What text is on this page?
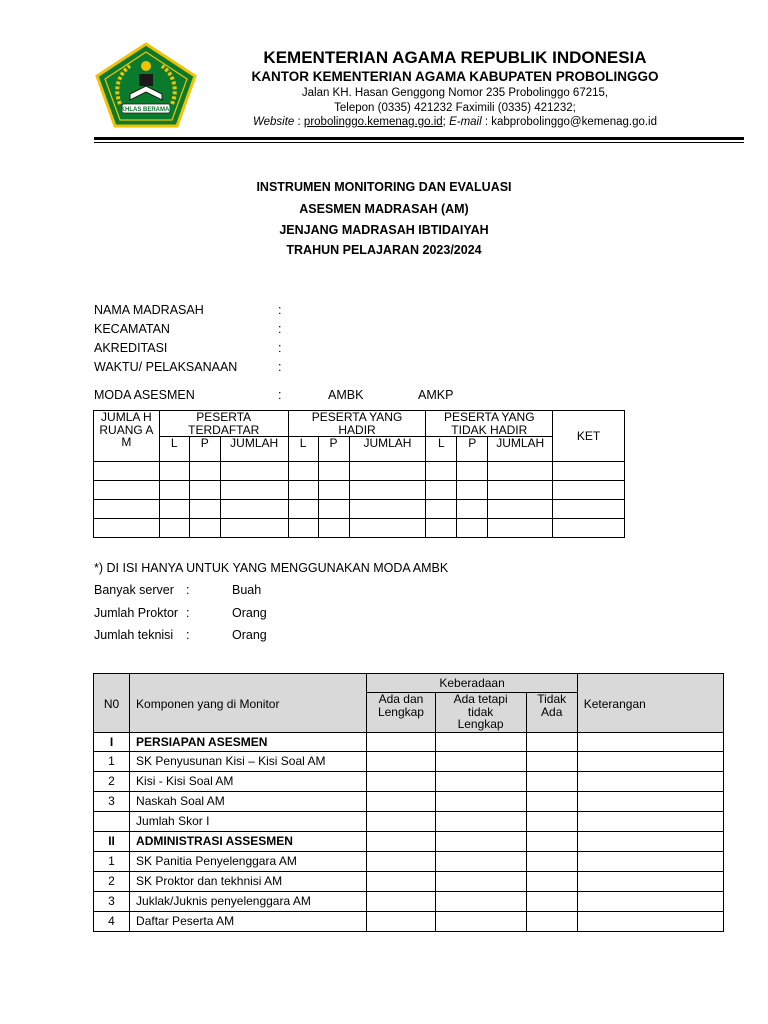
IKHLAS BERAMAL
KEMENTERIAN AGAMA REPUBLIK INDONESIA
KANTOR KEMENTERIAN AGAMA KABUPATEN PROBOLINGGO
Jalan KH. Hasan Genggong Nomor 235 Probolinggo 67215,
Telepon (0335) 421232 Faximili (0335) 421232;
Website : probolinggo.kemenag.go.id; E-mail : kabprobolinggo@kemenag.go.id
INSTRUMEN MONITORING DAN EVALUASI
ASESMEN MADRASAH (AM)
JENJANG MADRASAH IBTIDAIYAH
TRAHUN PELAJARAN 2023/2024
NAMA MADRASAH	:
KECAMATAN	:
AKREDITASI	:
WAKTU/ PELAKSANAAN	:
MODA ASESMEN	:	AMBK	AMKP
JUMLA H RUANG AM	PESERTA TERDAFTAR			PESERTA YANG HADIR			PESERTA YANG TIDAK HADIR			KET
	L	P	JUMLAH	L	P	JUMLAH	L	P	JUMLAH	

*) DI ISI HANYA UNTUK YANG MENGGUNAKAN MODA AMBK
Banyak server :	Buah
Jumlah Proktor :	Orang
Jumlah teknisi :	Orang
N0	Komponen yang di Monitor	Keberadaan			Keterangan
		Ada dan Lengkap	Ada tetapi tidak Lengkap	Tidak Ada	
I	PERSIAPAN ASESMEN				
1	SK Penyusunan Kisi – Kisi Soal AM				
2	Kisi - Kisi Soal AM				
3	Naskah Soal AM				
	Jumlah Skor I				
II	ADMINISTRASI ASSESMEN				
1	SK Panitia Penyelenggara AM				
2	SK Proktor dan tekhnisi AM				
3	Juklak/Juknis penyelenggara AM				
4	Daftar Peserta AM				
